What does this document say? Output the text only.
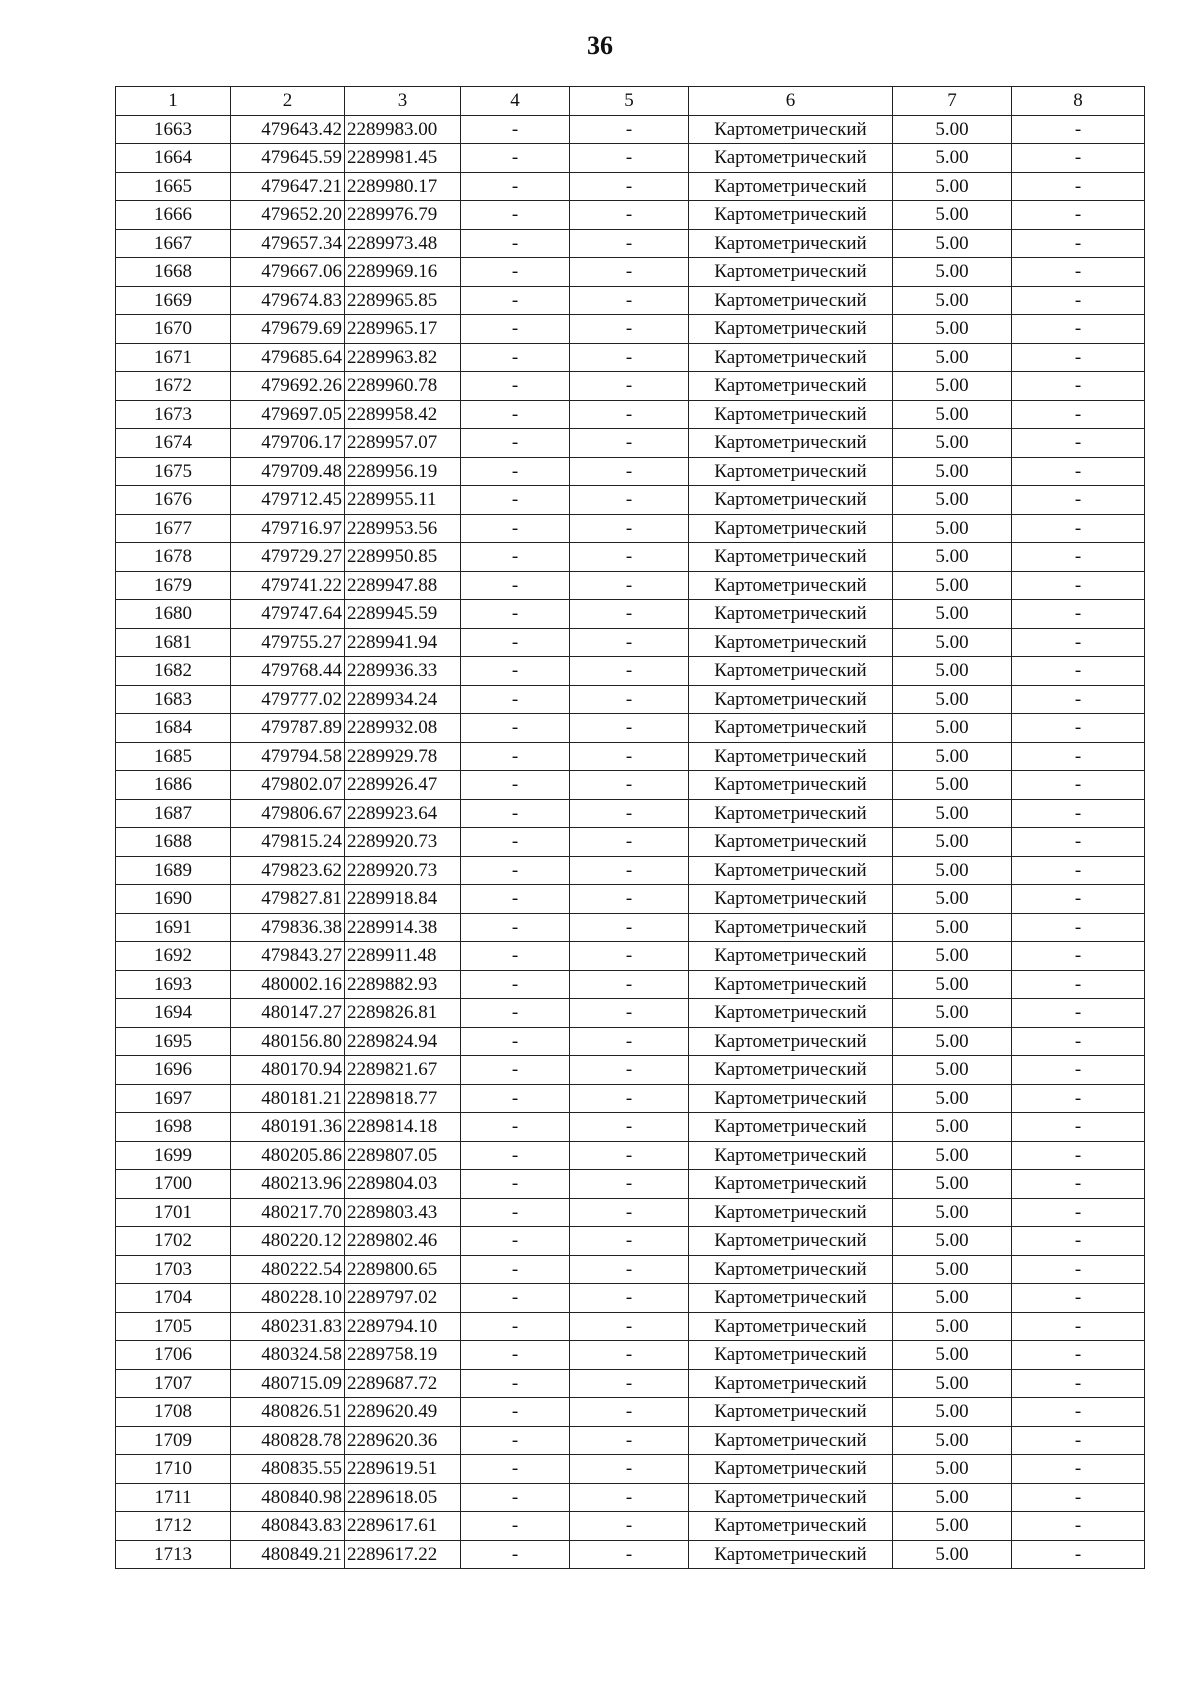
36
1	2	3	4	5	6	7	8
1663	479643.42	2289983.00	-	-	Картометрический	5.00	-
1664	479645.59	2289981.45	-	-	Картометрический	5.00	-
1665	479647.21	2289980.17	-	-	Картометрический	5.00	-
1666	479652.20	2289976.79	-	-	Картометрический	5.00	-
1667	479657.34	2289973.48	-	-	Картометрический	5.00	-
1668	479667.06	2289969.16	-	-	Картометрический	5.00	-
1669	479674.83	2289965.85	-	-	Картометрический	5.00	-
1670	479679.69	2289965.17	-	-	Картометрический	5.00	-
1671	479685.64	2289963.82	-	-	Картометрический	5.00	-
1672	479692.26	2289960.78	-	-	Картометрический	5.00	-
1673	479697.05	2289958.42	-	-	Картометрический	5.00	-
1674	479706.17	2289957.07	-	-	Картометрический	5.00	-
1675	479709.48	2289956.19	-	-	Картометрический	5.00	-
1676	479712.45	2289955.11	-	-	Картометрический	5.00	-
1677	479716.97	2289953.56	-	-	Картометрический	5.00	-
1678	479729.27	2289950.85	-	-	Картометрический	5.00	-
1679	479741.22	2289947.88	-	-	Картометрический	5.00	-
1680	479747.64	2289945.59	-	-	Картометрический	5.00	-
1681	479755.27	2289941.94	-	-	Картометрический	5.00	-
1682	479768.44	2289936.33	-	-	Картометрический	5.00	-
1683	479777.02	2289934.24	-	-	Картометрический	5.00	-
1684	479787.89	2289932.08	-	-	Картометрический	5.00	-
1685	479794.58	2289929.78	-	-	Картометрический	5.00	-
1686	479802.07	2289926.47	-	-	Картометрический	5.00	-
1687	479806.67	2289923.64	-	-	Картометрический	5.00	-
1688	479815.24	2289920.73	-	-	Картометрический	5.00	-
1689	479823.62	2289920.73	-	-	Картометрический	5.00	-
1690	479827.81	2289918.84	-	-	Картометрический	5.00	-
1691	479836.38	2289914.38	-	-	Картометрический	5.00	-
1692	479843.27	2289911.48	-	-	Картометрический	5.00	-
1693	480002.16	2289882.93	-	-	Картометрический	5.00	-
1694	480147.27	2289826.81	-	-	Картометрический	5.00	-
1695	480156.80	2289824.94	-	-	Картометрический	5.00	-
1696	480170.94	2289821.67	-	-	Картометрический	5.00	-
1697	480181.21	2289818.77	-	-	Картометрический	5.00	-
1698	480191.36	2289814.18	-	-	Картометрический	5.00	-
1699	480205.86	2289807.05	-	-	Картометрический	5.00	-
1700	480213.96	2289804.03	-	-	Картометрический	5.00	-
1701	480217.70	2289803.43	-	-	Картометрический	5.00	-
1702	480220.12	2289802.46	-	-	Картометрический	5.00	-
1703	480222.54	2289800.65	-	-	Картометрический	5.00	-
1704	480228.10	2289797.02	-	-	Картометрический	5.00	-
1705	480231.83	2289794.10	-	-	Картометрический	5.00	-
1706	480324.58	2289758.19	-	-	Картометрический	5.00	-
1707	480715.09	2289687.72	-	-	Картометрический	5.00	-
1708	480826.51	2289620.49	-	-	Картометрический	5.00	-
1709	480828.78	2289620.36	-	-	Картометрический	5.00	-
1710	480835.55	2289619.51	-	-	Картометрический	5.00	-
1711	480840.98	2289618.05	-	-	Картометрический	5.00	-
1712	480843.83	2289617.61	-	-	Картометрический	5.00	-
1713	480849.21	2289617.22	-	-	Картометрический	5.00	-
